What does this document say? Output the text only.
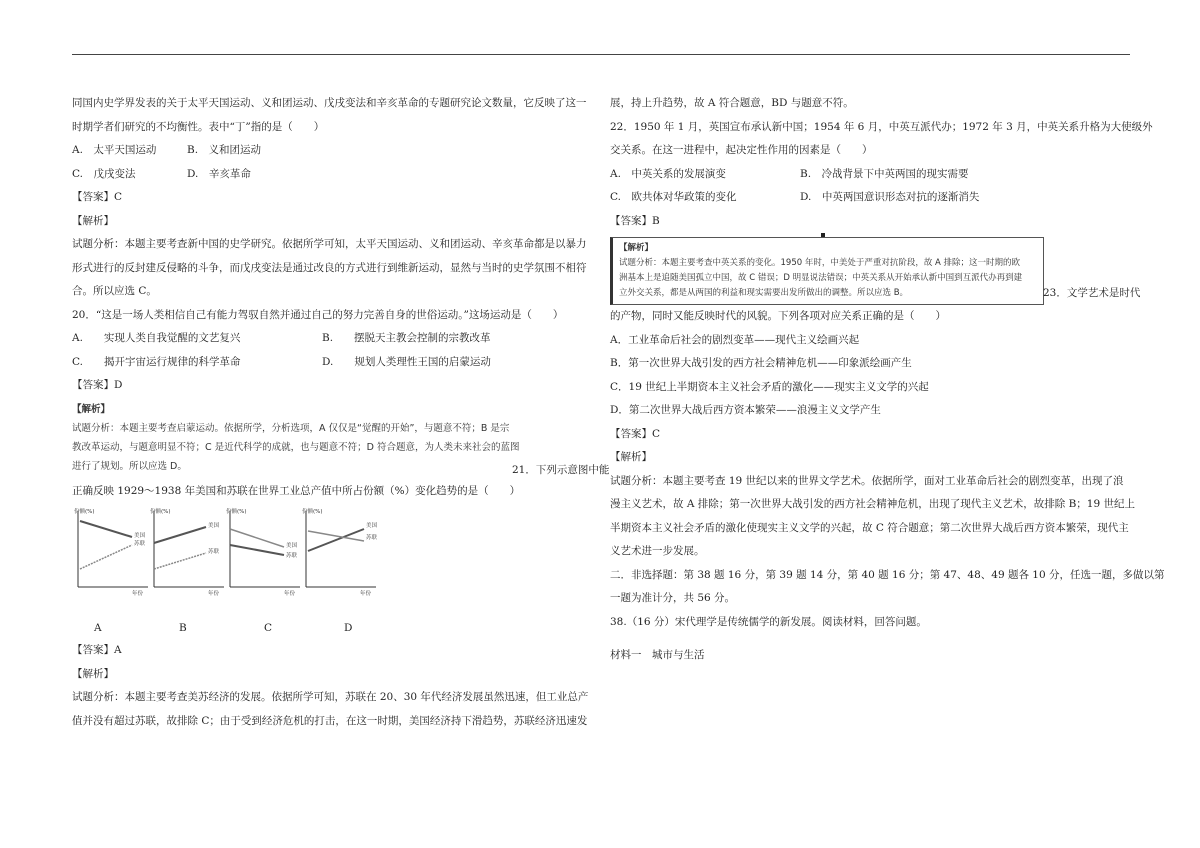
同国内史学界发表的关于太平天国运动、义和团运动、戊戌变法和辛亥革命的专题研究论文数量，它反映了这一
时期学者们研究的不均衡性。表中“丁”指的是（　　）
A.　太平天国运动	B.　义和团运动
C.　戊戌变法	D.　辛亥革命
【答案】C
【解析】
试题分析：本题主要考查新中国的史学研究。依据所学可知，太平天国运动、义和团运动、辛亥革命都是以暴力
形式进行的反封建反侵略的斗争，而戊戌变法是通过改良的方式进行到维新运动，显然与当时的史学氛围不相符
合。所以应选 C。
20．“这是一场人类相信自己有能力驾驭自然并通过自己的努力完善自身的世俗运动。”这场运动是（　　）
A.　　实现人类自我觉醒的文艺复兴	B.　　摆脱天主教会控制的宗教改革
C.　　揭开宇宙运行规律的科学革命	D.　　规划人类理性王国的启蒙运动
【答案】D
【解析】
试题分析：本题主要考查启蒙运动。依据所学，分析选项，A 仅仅是“觉醒的开始”，与题意不符；B 是宗
教改革运动，与题意明显不符；C 是近代科学的成就，也与题意不符；D 符合题意，为人类未来社会的蓝图
进行了规划。所以应选 D。	21．下列示意图中能
正确反映 1929～1938 年美国和苏联在世界工业总产值中所占份额（%）变化趋势的是（　　）
份额(%)
年份
美国
苏联
份额(%)
年份
美国
苏联
份额(%)
年份
美国
苏联
份额(%)
年份
美国
苏联
A	B	C	D
【答案】A
【解析】
试题分析：本题主要考查美苏经济的发展。依据所学可知，苏联在 20、30 年代经济发展虽然迅速，但工业总产
值并没有超过苏联，故排除 C；由于受到经济危机的打击，在这一时期，美国经济持下滑趋势，苏联经济迅速发
展，持上升趋势，故 A 符合题意，BD 与题意不符。
22．1950 年 1 月，英国宣布承认新中国；1954 年 6 月，中英互派代办；1972 年 3 月，中英关系升格为大使级外
交关系。在这一进程中，起决定性作用的因素是（　　）
A.　中英关系的发展演变	B.　冷战背景下中英两国的现实需要
C.　欧共体对华政策的变化	D.　中英两国意识形态对抗的逐渐消失
【答案】B
【解析】
试题分析：本题主要考查中英关系的变化。1950 年时，中美处于严重对抗阶段，故 A 排除；这一时期的欧
洲基本上是追随美国孤立中国，故 C 错误；D 明显说法错误；中英关系从开始承认新中国到互派代办再到建
立外交关系，都是从两国的利益和现实需要出发所做出的调整。所以应选 B。	23．文学艺术是时代
的产物，同时又能反映时代的风貌。下列各项对应关系正确的是（　　）
A．工业革命后社会的剧烈变革——现代主义绘画兴起
B．第一次世界大战引发的西方社会精神危机——印象派绘画产生
C．19 世纪上半期资本主义社会矛盾的激化——现实主义文学的兴起
D．第二次世界大战后西方资本繁荣——浪漫主义文学产生
【答案】C
【解析】
试题分析：本题主要考查 19 世纪以来的世界文学艺术。依据所学，面对工业革命后社会的剧烈变革，出现了浪
漫主义艺术，故 A 排除；第一次世界大战引发的西方社会精神危机，出现了现代主义艺术，故排除 B；19 世纪上
半期资本主义社会矛盾的激化使现实主义文学的兴起，故 C 符合题意；第二次世界大战后西方资本繁荣，现代主
义艺术进一步发展。
二．非选择题：第 38 题 16 分，第 39 题 14 分，第 40 题 16 分；第 47、48、49 题各 10 分，任选一题，多做以第
一题为准计分，共 56 分。
38.（16 分）宋代理学是传统儒学的新发展。阅读材料，回答问题。
材料一　城市与生活
